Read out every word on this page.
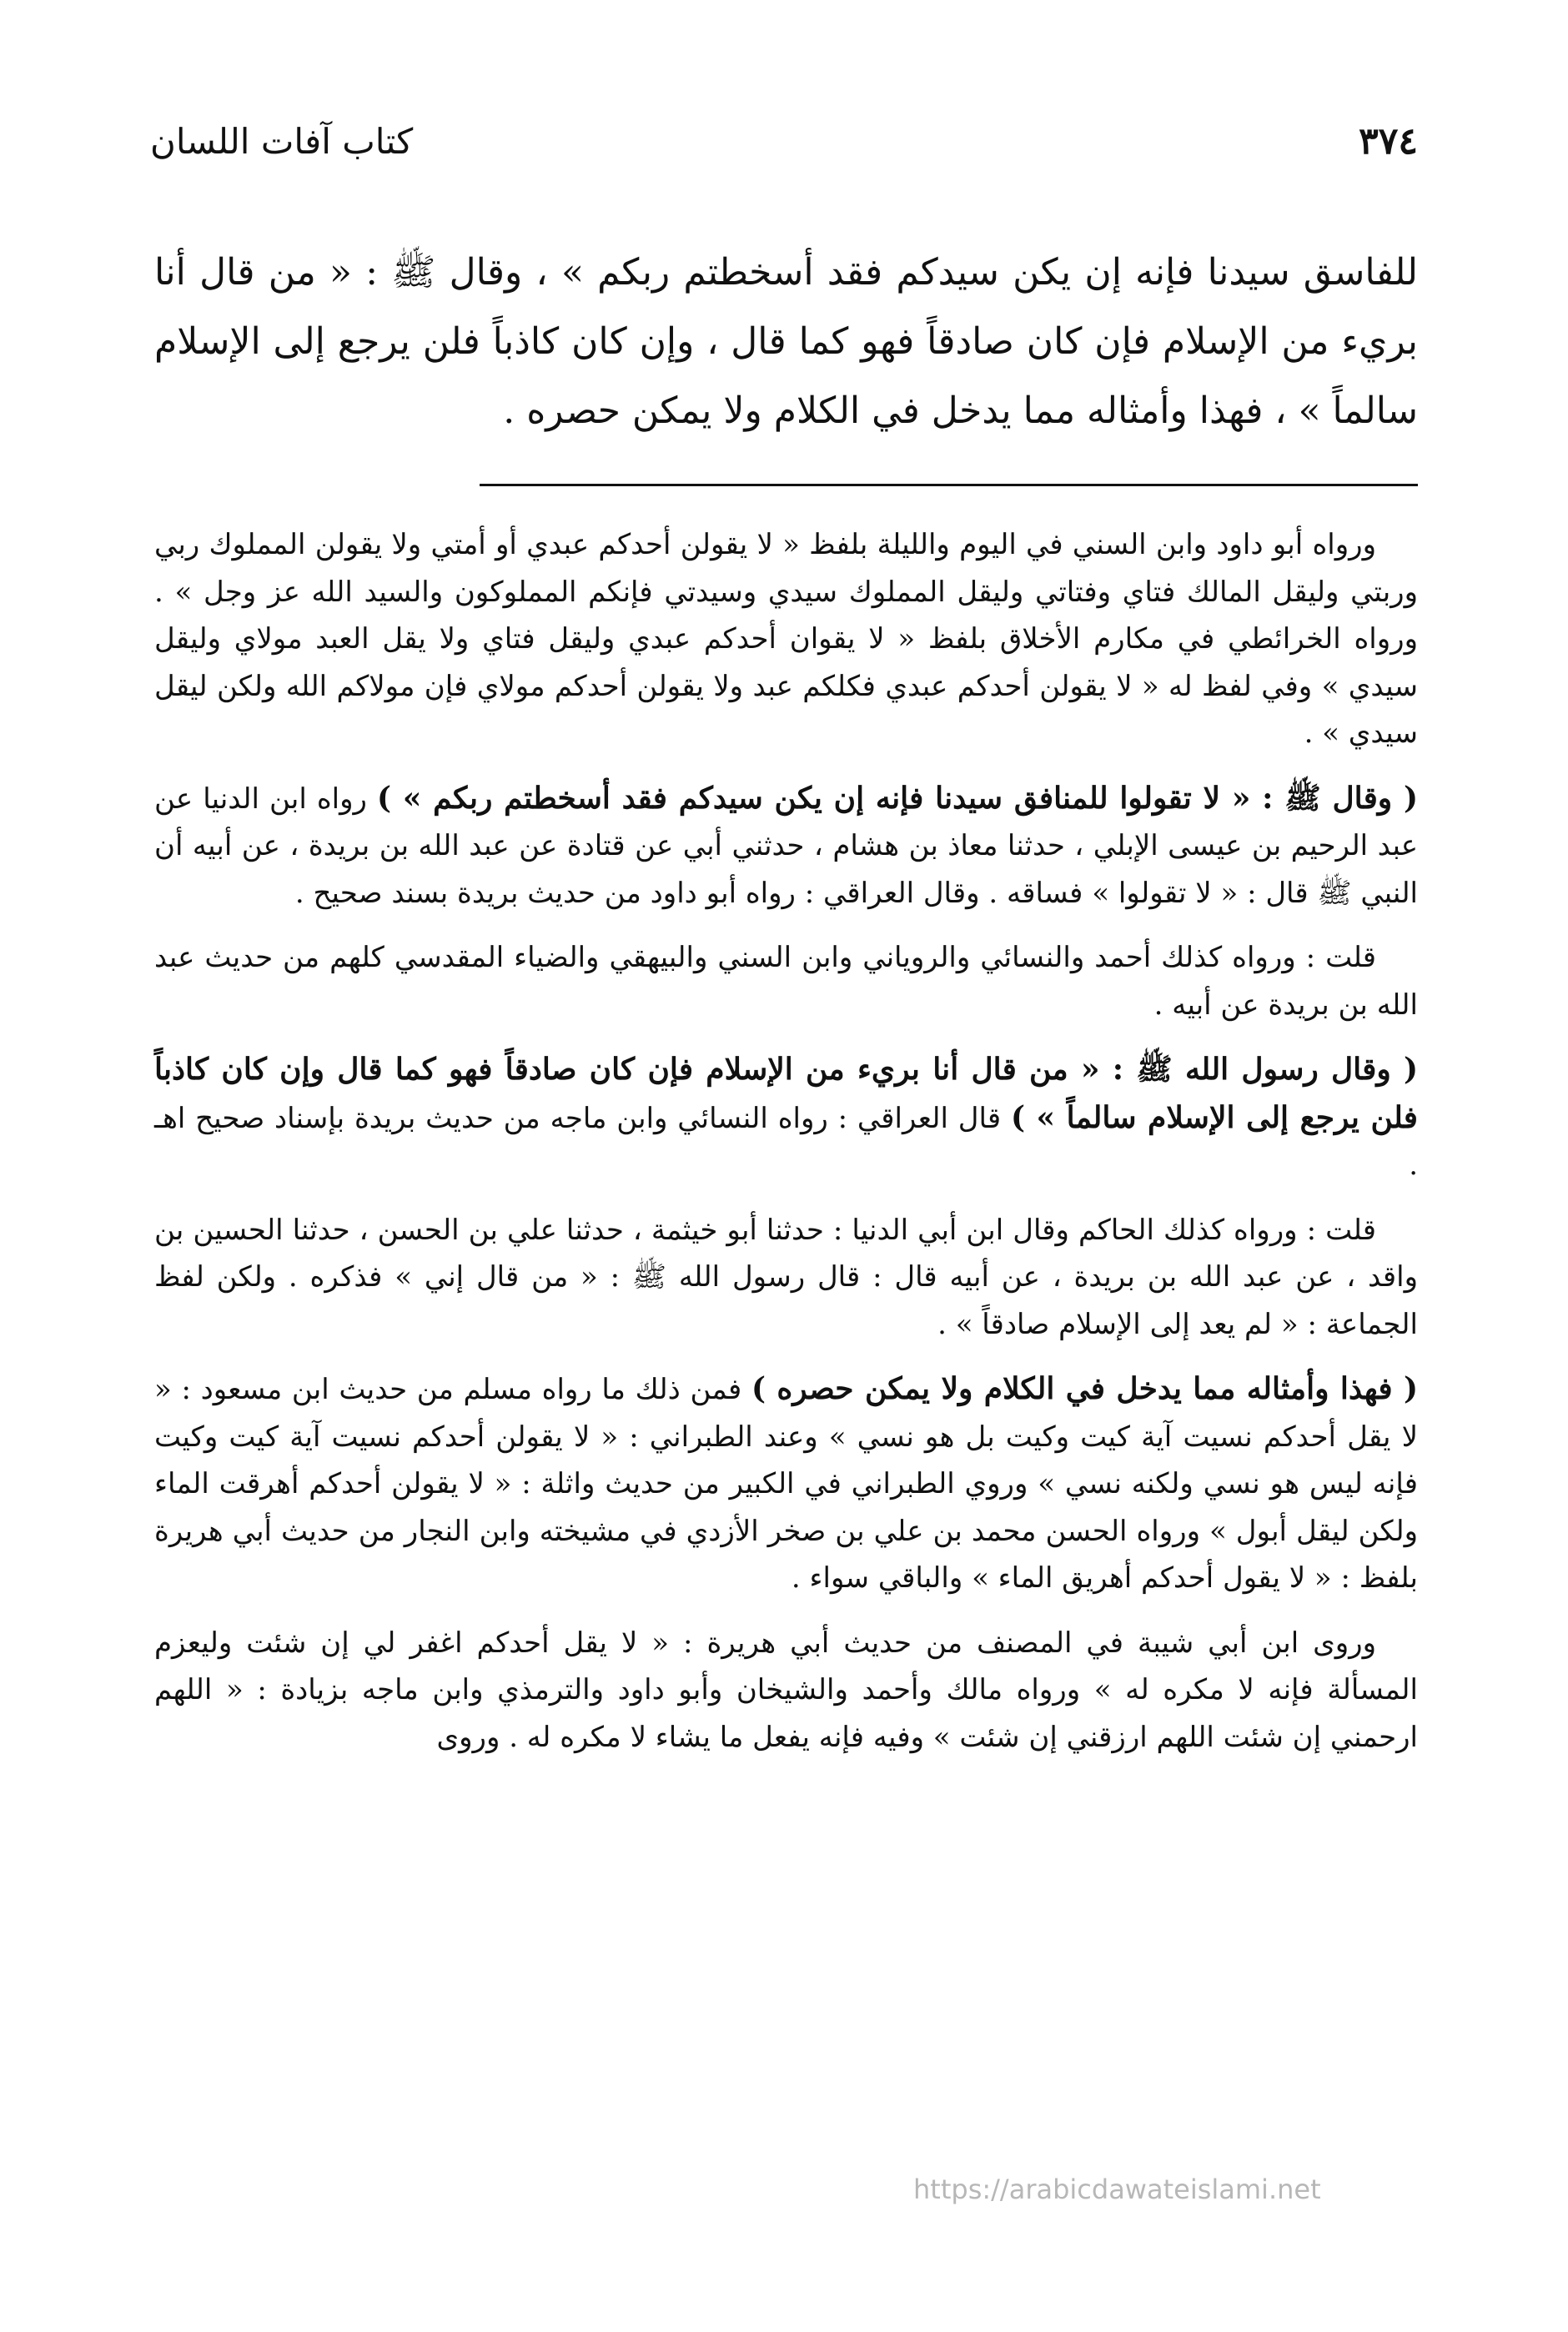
٣٧٤
كتاب آفات اللسان
للفاسق سيدنا فإنه إن يكن سيدكم فقد أسخطتم ربكم » ، وقال ﷺ : « من قال أنا بريء من الإسلام فإن كان صادقاً فهو كما قال ، وإن كان كاذباً فلن يرجع إلى الإسلام سالماً » ، فهذا وأمثاله مما يدخل في الكلام ولا يمكن حصره .

ورواه أبو داود وابن السني في اليوم والليلة بلفظ « لا يقولن أحدكم عبدي أو أمتي ولا يقولن المملوك ربي وربتي وليقل المالك فتاي وفتاتي وليقل المملوك سيدي وسيدتي فإنكم المملوكون والسيد الله عز وجل » . ورواه الخرائطي في مكارم الأخلاق بلفظ « لا يقوان أحدكم عبدي وليقل فتاي ولا يقل العبد مولاي وليقل سيدي » وفي لفظ له « لا يقولن أحدكم عبدي فكلكم عبد ولا يقولن أحدكم مولاي فإن مولاكم الله ولكن ليقل سيدي » .

( وقال ﷺ : « لا تقولوا للمنافق سيدنا فإنه إن يكن سيدكم فقد أسخطتم ربكم » ) رواه ابن الدنيا عن عبد الرحيم بن عيسى الإبلي ، حدثنا معاذ بن هشام ، حدثني أبي عن قتادة عن عبد الله بن بريدة ، عن أبيه أن النبي ﷺ قال : « لا تقولوا » فساقه . وقال العراقي : رواه أبو داود من حديث بريدة بسند صحيح .

قلت : ورواه كذلك أحمد والنسائي والروياني وابن السني والبيهقي والضياء المقدسي كلهم من حديث عبد الله بن بريدة عن أبيه .

( وقال رسول الله ﷺ : « من قال أنا بريء من الإسلام فإن كان صادقاً فهو كما قال وإن كان كاذباً فلن يرجع إلى الإسلام سالماً » ) قال العراقي : رواه النسائي وابن ماجه من حديث بريدة بإسناد صحيح اهـ .

قلت : ورواه كذلك الحاكم وقال ابن أبي الدنيا : حدثنا أبو خيثمة ، حدثنا علي بن الحسن ، حدثنا الحسين بن واقد ، عن عبد الله بن بريدة ، عن أبيه قال : قال رسول الله ﷺ : « من قال إني » فذكره . ولكن لفظ الجماعة : « لم يعد إلى الإسلام صادقاً » .

( فهذا وأمثاله مما يدخل في الكلام ولا يمكن حصره ) فمن ذلك ما رواه مسلم من حديث ابن مسعود : « لا يقل أحدكم نسيت آية كيت وكيت بل هو نسي » وعند الطبراني : « لا يقولن أحدكم نسيت آية كيت وكيت فإنه ليس هو نسي ولكنه نسي » وروي الطبراني في الكبير من حديث واثلة : « لا يقولن أحدكم أهرقت الماء ولكن ليقل أبول » ورواه الحسن محمد بن علي بن صخر الأزدي في مشيخته وابن النجار من حديث أبي هريرة بلفظ : « لا يقول أحدكم أهريق الماء » والباقي سواء .

وروى ابن أبي شيبة في المصنف من حديث أبي هريرة : « لا يقل أحدكم اغفر لي إن شئت وليعزم المسألة فإنه لا مكره له » ورواه مالك وأحمد والشيخان وأبو داود والترمذي وابن ماجه بزيادة : « اللهم ارحمني إن شئت اللهم ارزقني إن شئت » وفيه فإنه يفعل ما يشاء لا مكره له . وروى

https://arabicdawateislami.net
